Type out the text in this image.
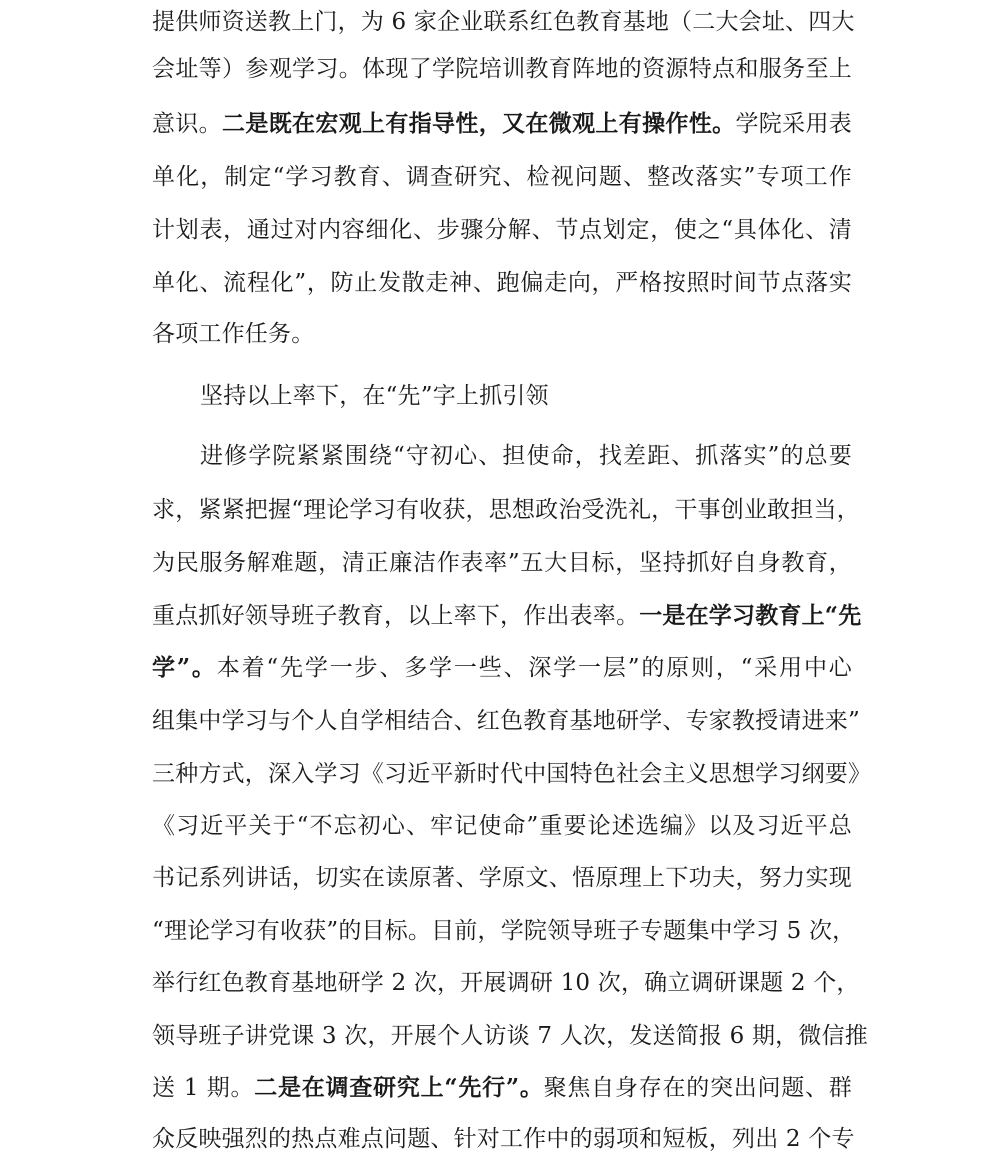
提供师资送教上门，为 6 家企业联系红色教育基地（二大会址、四大
会址等）参观学习。体现了学院培训教育阵地的资源特点和服务至上
意识。二是既在宏观上有指导性，又在微观上有操作性。学院采用表
单化，制定“学习教育、调查研究、检视问题、整改落实”专项工作
计划表，通过对内容细化、步骤分解、节点划定，使之“具体化、清
单化、流程化”，防止发散走神、跑偏走向，严格按照时间节点落实
各项工作任务。
坚持以上率下，在“先”字上抓引领
进修学院紧紧围绕“守初心、担使命，找差距、抓落实”的总要
求，紧紧把握“理论学习有收获，思想政治受洗礼，干事创业敢担当，
为民服务解难题，清正廉洁作表率”五大目标，坚持抓好自身教育，
重点抓好领导班子教育，以上率下，作出表率。一是在学习教育上“先
学”。本着“先学一步、多学一些、深学一层”的原则，“采用中心
组集中学习与个人自学相结合、红色教育基地研学、专家教授请进来”
三种方式，深入学习《习近平新时代中国特色社会主义思想学习纲要》
《习近平关于“不忘初心、牢记使命”重要论述选编》以及习近平总
书记系列讲话，切实在读原著、学原文、悟原理上下功夫，努力实现
“理论学习有收获”的目标。目前，学院领导班子专题集中学习 5 次，
举行红色教育基地研学 2 次，开展调研 10 次，确立调研课题 2 个，
领导班子讲党课 3 次，开展个人访谈 7 人次，发送简报 6 期，微信推
送 1 期。二是在调查研究上“先行”。聚焦自身存在的突出问题、群
众反映强烈的热点难点问题、针对工作中的弱项和短板，列出 2 个专
